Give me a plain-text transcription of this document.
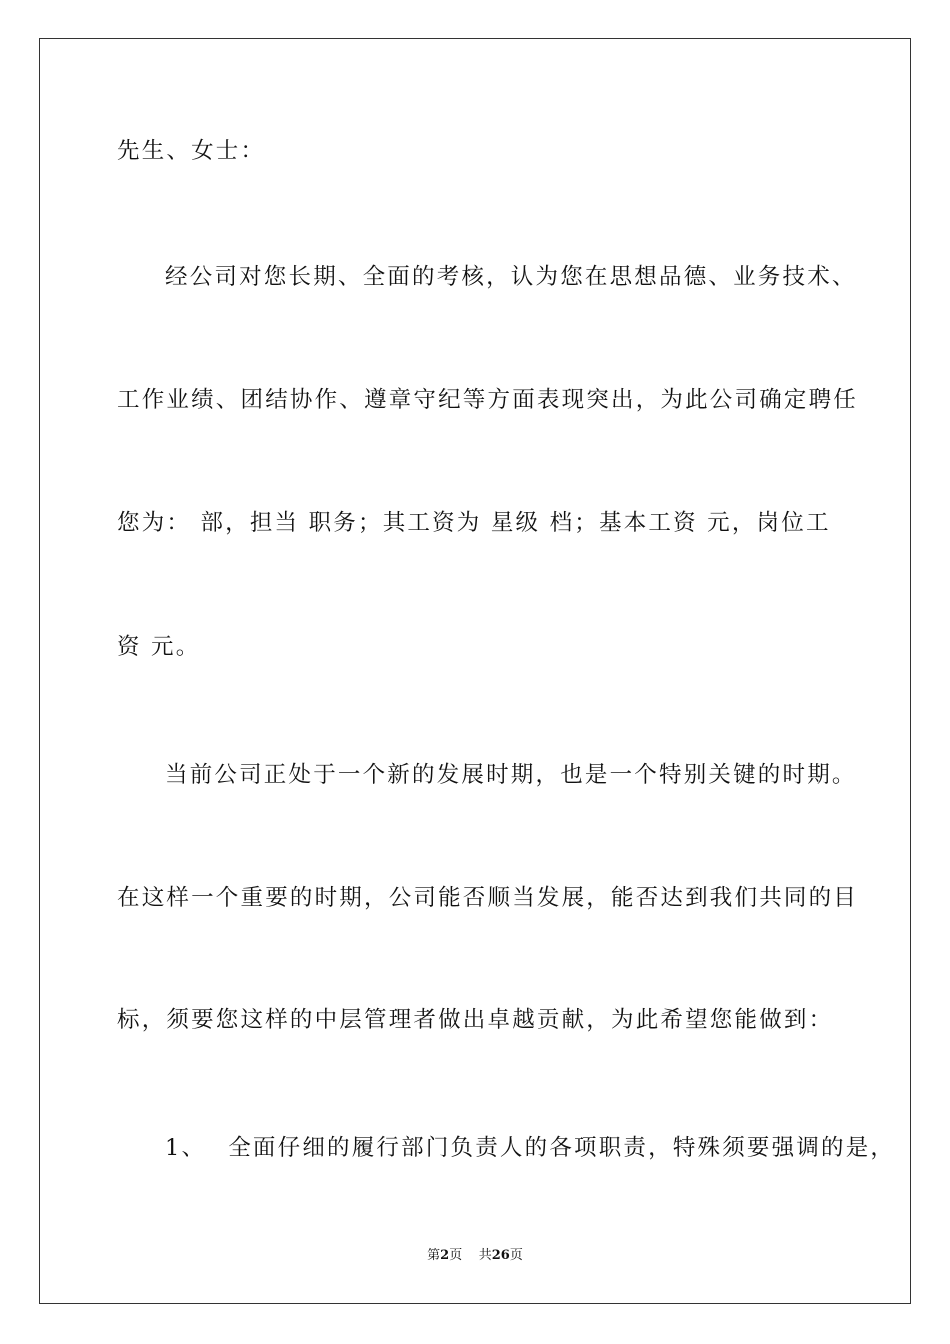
先生、女士：
经公司对您长期、全面的考核，认为您在思想品德、业务技术、
工作业绩、团结协作、遵章守纪等方面表现突出，为此公司确定聘任
您为： 部，担当 职务；其工资为 星级 档；基本工资 元，岗位工
资 元。
当前公司正处于一个新的发展时期，也是一个特别关键的时期。
在这样一个重要的时期，公司能否顺当发展，能否达到我们共同的目
标，须要您这样的中层管理者做出卓越贡献，为此希望您能做到：
1、 全面仔细的履行部门负责人的各项职责，特殊须要强调的是，
第2页 共26页
